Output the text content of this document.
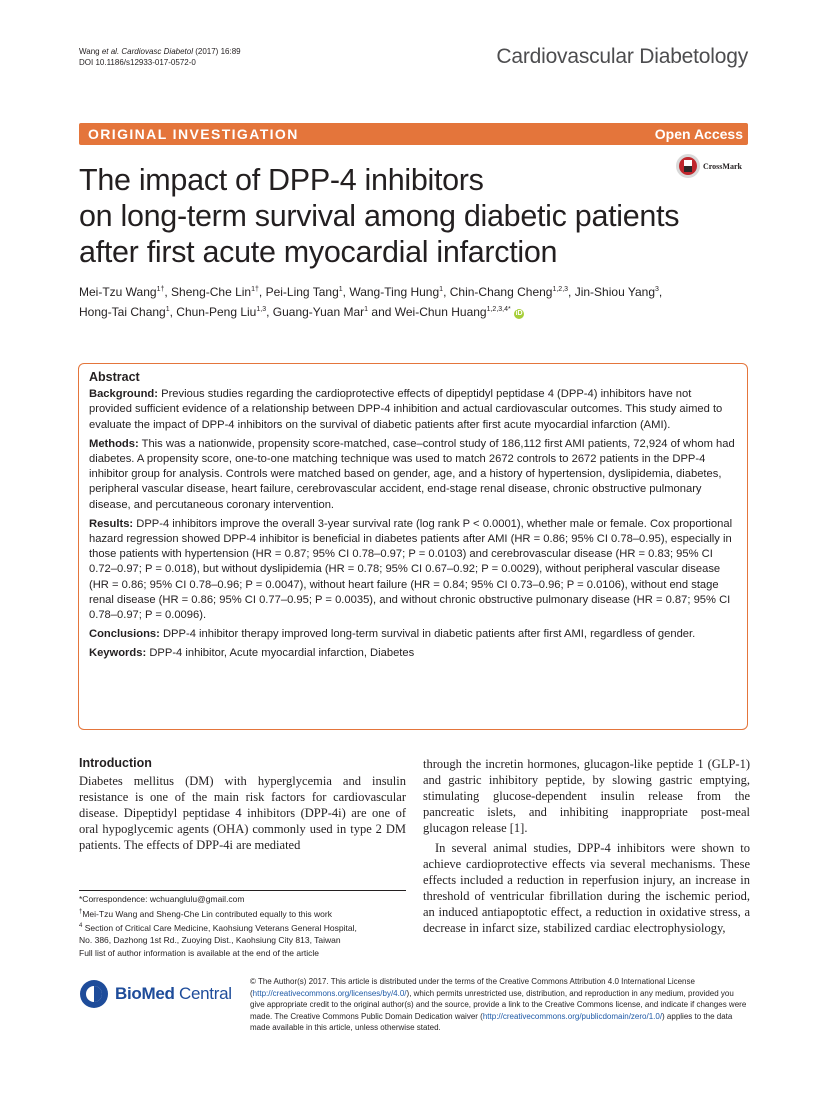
Wang et al. Cardiovasc Diabetol (2017) 16:89
DOI 10.1186/s12933-017-0572-0	Cardiovascular Diabetology
ORIGINAL INVESTIGATION	Open Access
CrossMark
The impact of DPP-4 inhibitors
on long-term survival among diabetic patients
after first acute myocardial infarction
Mei-Tzu Wang$^{1\dagger}$, Sheng-Che Lin$^{1\dagger}$, Pei-Ling Tang$^1$, Wang-Ting Hung$^1$, Chin-Chang Cheng$^{1,2,3}$, Jin-Shiou Yang$^3$,
Hong-Tai Chang$^1$, Chun-Peng Liu$^{1,3}$, Guang-Yuan Mar$^1$ and Wei-Chun Huang$^{1,2,3,4*}$ iD
Abstract

Background: Previous studies regarding the cardioprotective effects of dipeptidyl peptidase 4 (DPP-4) inhibitors have not provided sufficient evidence of a relationship between DPP-4 inhibition and actual cardiovascular outcomes. This study aimed to evaluate the impact of DPP-4 inhibitors on the survival of diabetic patients after first acute myocardial infarction (AMI).

Methods: This was a nationwide, propensity score-matched, case–control study of 186,112 first AMI patients, 72,924 of whom had diabetes. A propensity score, one-to-one matching technique was used to match 2672 controls to 2672 patients in the DPP-4 inhibitor group for analysis. Controls were matched based on gender, age, and a history of hypertension, dyslipidemia, diabetes, peripheral vascular disease, heart failure, cerebrovascular accident, end-stage renal disease, chronic obstructive pulmonary disease, and percutaneous coronary intervention.

Results: DPP-4 inhibitors improve the overall 3-year survival rate (log rank P < 0.0001), whether male or female. Cox proportional hazard regression showed DPP-4 inhibitor is beneficial in diabetes patients after AMI (HR = 0.86; 95% CI 0.78–0.95), especially in those patients with hypertension (HR = 0.87; 95% CI 0.78–0.97; P = 0.0103) and cerebrovascular disease (HR = 0.83; 95% CI 0.72–0.97; P = 0.018), but without dyslipidemia (HR = 0.78; 95% CI 0.67–0.92; P = 0.0029), without peripheral vascular disease (HR = 0.86; 95% CI 0.78–0.96; P = 0.0047), without heart failure (HR = 0.84; 95% CI 0.73–0.96; P = 0.0106), without end stage renal disease (HR = 0.86; 95% CI 0.77–0.95; P = 0.0035), and without chronic obstructive pulmonary disease (HR = 0.87; 95% CI 0.78–0.97; P = 0.0096).

Conclusions: DPP-4 inhibitor therapy improved long-term survival in diabetic patients after first AMI, regardless of gender.

Keywords: DPP-4 inhibitor, Acute myocardial infarction, Diabetes

Introduction

Diabetes mellitus (DM) with hyperglycemia and insulin resistance is one of the main risk factors for cardiovascular disease. Dipeptidyl peptidase 4 inhibitors (DPP-4i) are one of oral hypoglycemic agents (OHA) commonly used in type 2 DM patients. The effects of DPP-4i are mediated

through the incretin hormones, glucagon-like peptide 1 (GLP-1) and gastric inhibitory peptide, by slowing gastric emptying, stimulating glucose-dependent insulin release from the pancreatic islets, and inhibiting inappropriate post-meal glucagon release [1].

In several animal studies, DPP-4 inhibitors were shown to achieve cardioprotective effects via several mechanisms. These effects included a reduction in reperfusion injury, an increase in threshold of ventricular fibrillation during the ischemic period, an induced antiapoptotic effect, a reduction in oxidative stress, a decrease in infarct size, stabilized cardiac electrophysiology,

*Correspondence: wchuanglulu@gmail.com
†Mei-Tzu Wang and Sheng-Che Lin contributed equally to this work
$^4$ Section of Critical Care Medicine, Kaohsiung Veterans General Hospital,
No. 386, Dazhong 1st Rd., Zuoying Dist., Kaohsiung City 813, Taiwan
Full list of author information is available at the end of the article
BioMed Central
© The Author(s) 2017. This article is distributed under the terms of the Creative Commons Attribution 4.0 International License (http://creativecommons.org/licenses/by/4.0/), which permits unrestricted use, distribution, and reproduction in any medium, provided you give appropriate credit to the original author(s) and the source, provide a link to the Creative Commons license, and indicate if changes were made. The Creative Commons Public Domain Dedication waiver (http://creativecommons.org/publicdomain/zero/1.0/) applies to the data made available in this article, unless otherwise stated.
